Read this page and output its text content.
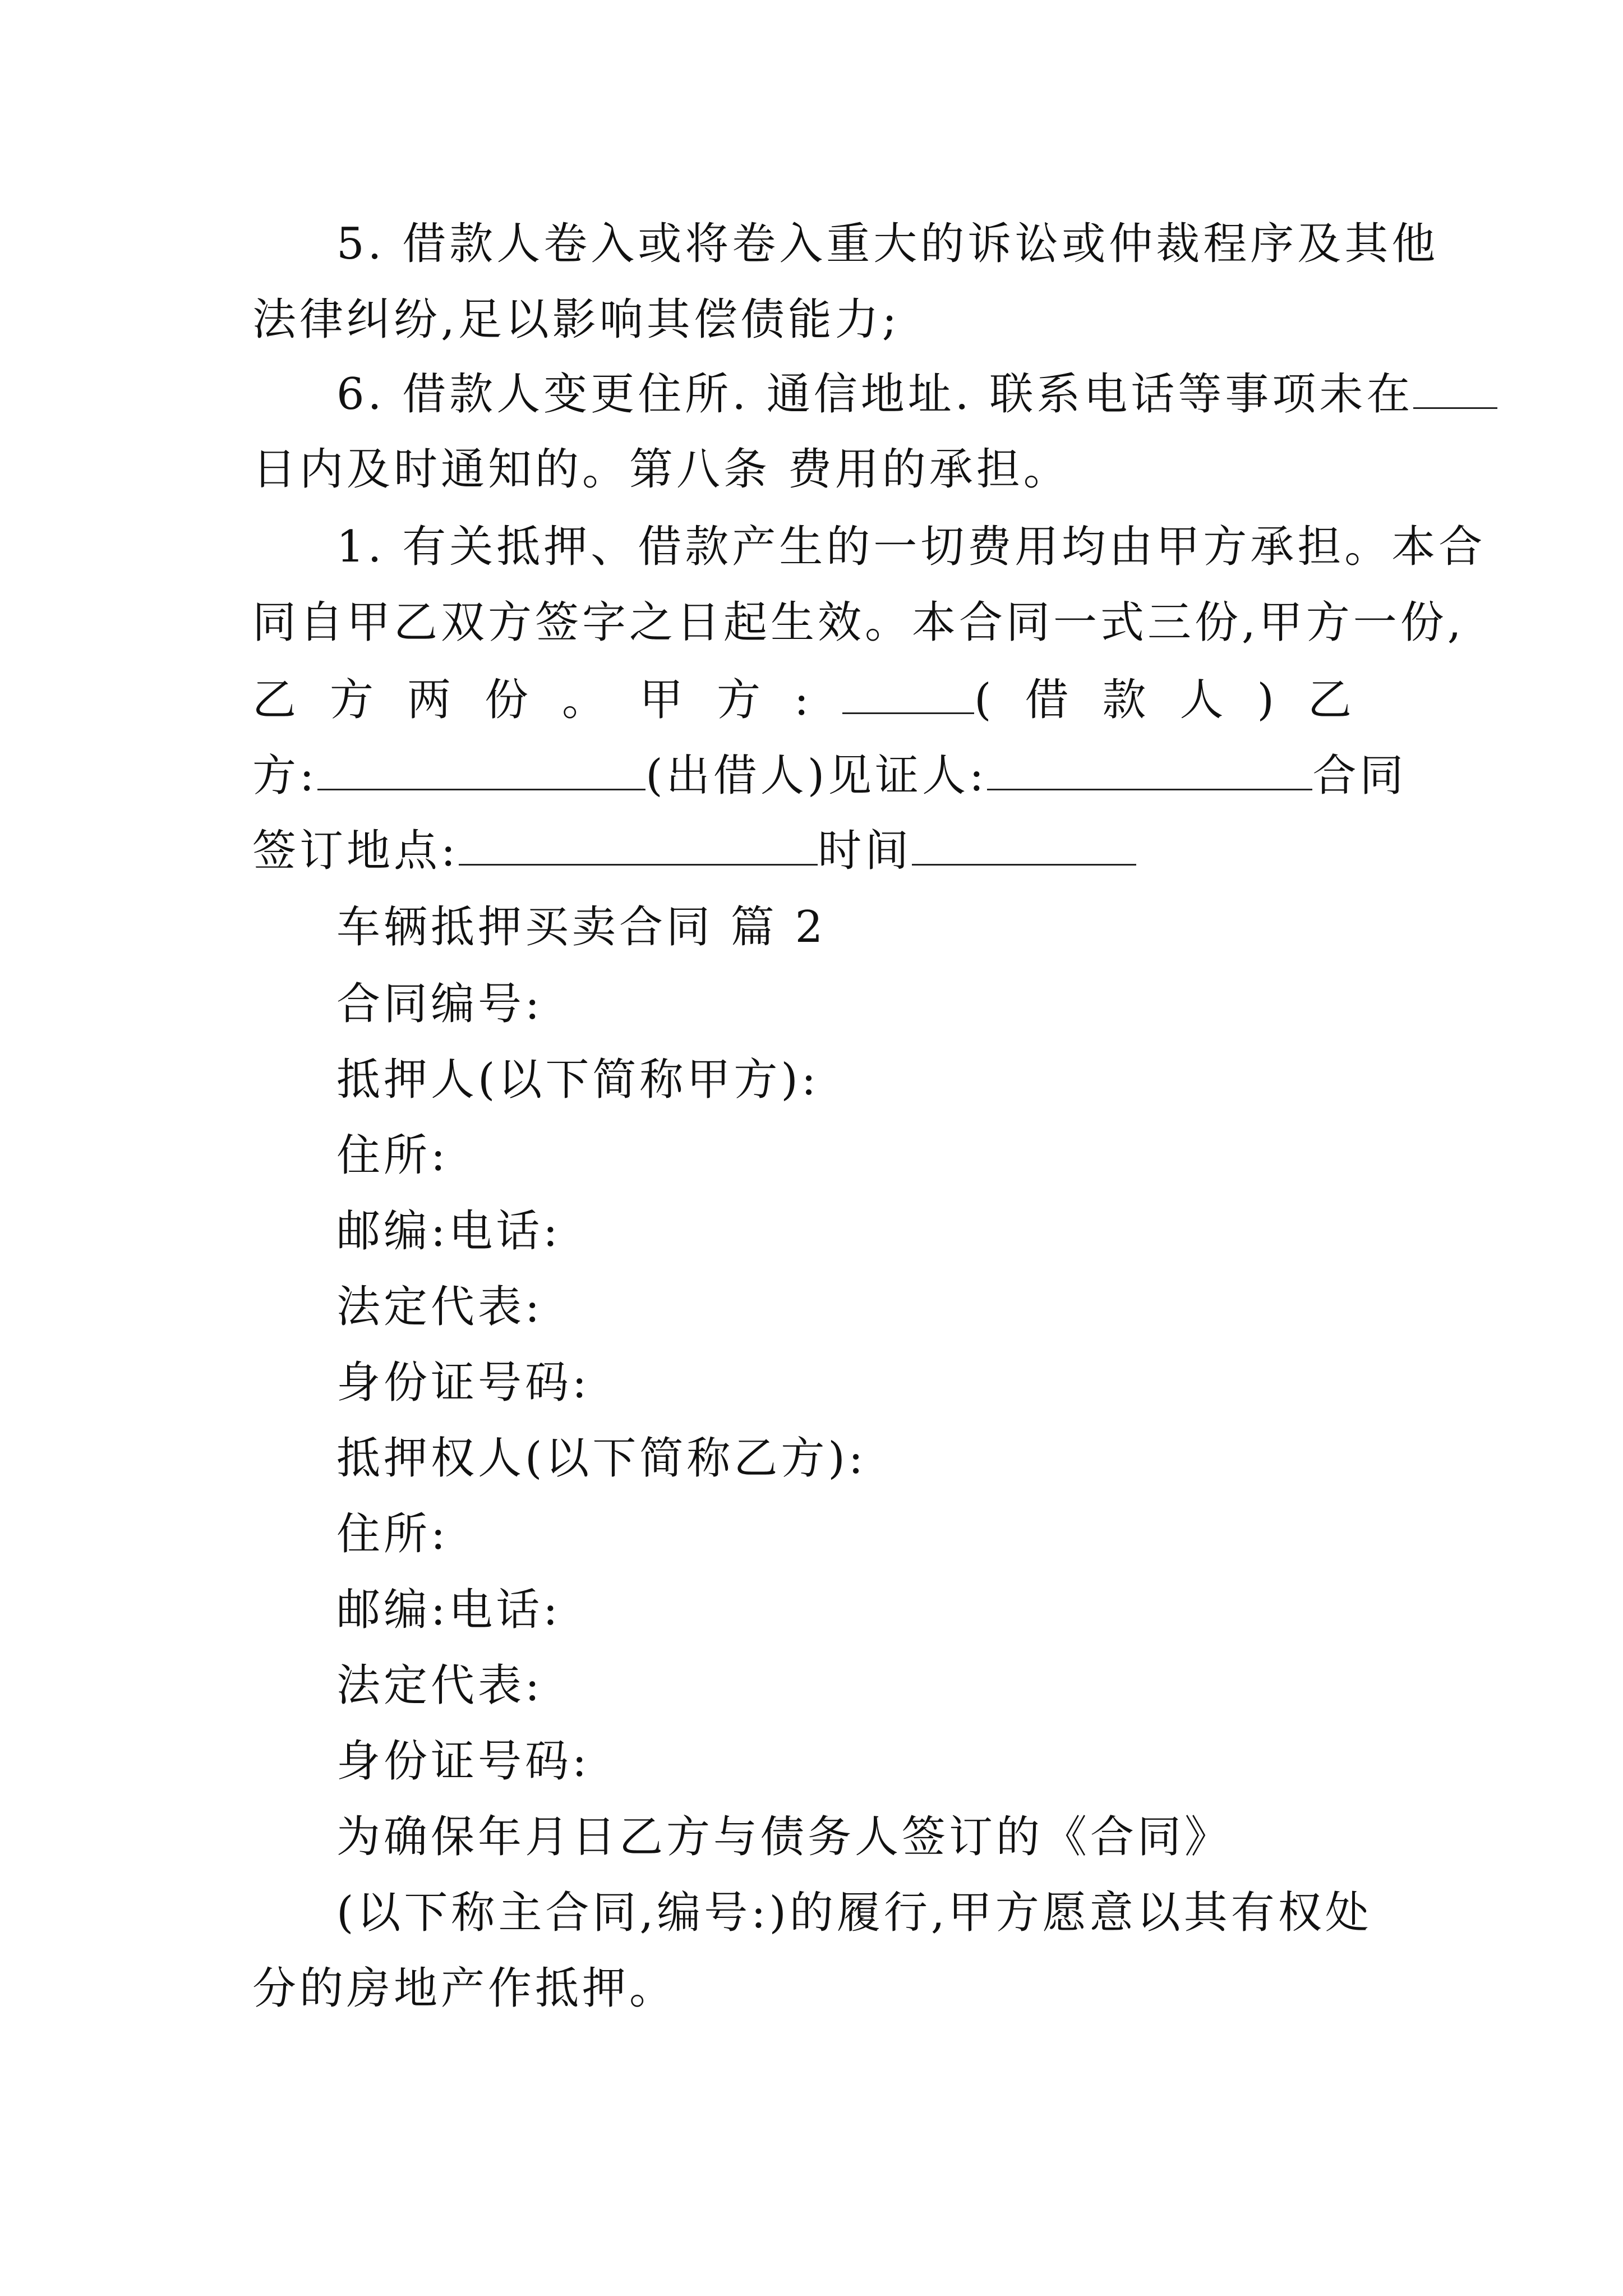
5. 借款人卷入或将卷入重大的诉讼或仲裁程序及其他
法律纠纷,足以影响其偿债能力;
6. 借款人变更住所. 通信地址. 联系电话等事项未在
日内及时通知的。第八条 费用的承担。
1. 有关抵押、借款产生的一切费用均由甲方承担。本合
同自甲乙双方签字之日起生效。本合同一式三份,甲方一份,
乙方两份。甲方:	(借款人)乙
方:	(出借人)见证人:	合同
签订地点:	时间
车辆抵押买卖合同 篇 2
合同编号:
抵押人(以下简称甲方):
住所:
邮编:电话:
法定代表:
身份证号码:
抵押权人(以下简称乙方):
住所:
邮编:电话:
法定代表:
身份证号码:
为确保年月日乙方与债务人签订的《合同》
(以下称主合同,编号:)的履行,甲方愿意以其有权处
分的房地产作抵押。
